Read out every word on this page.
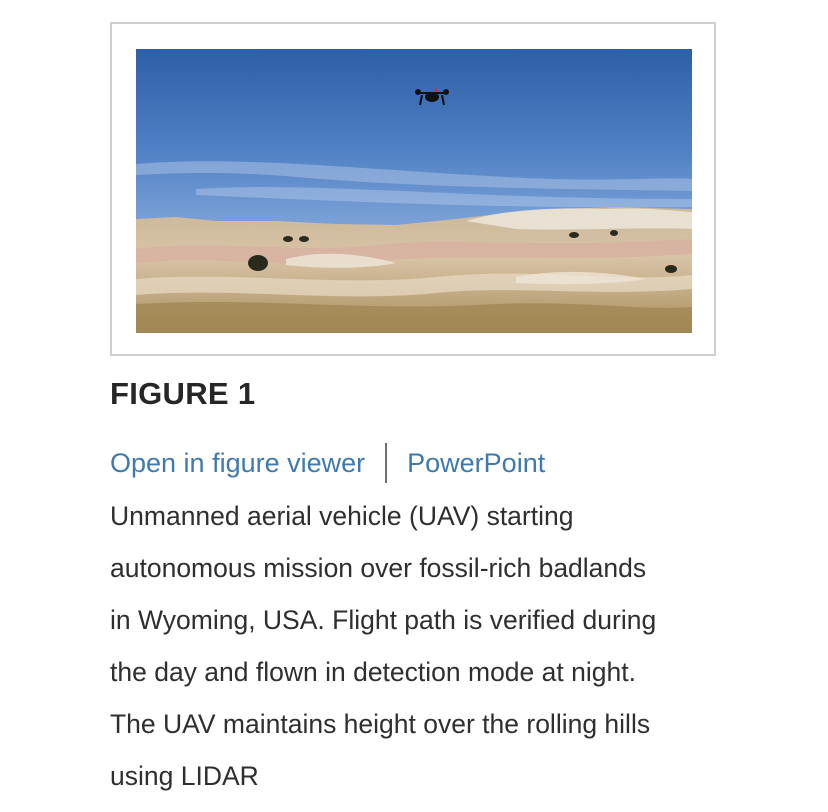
FIGURE 1
Open in figure viewer PowerPoint

Unmanned aerial vehicle (UAV) starting
autonomous mission over fossil-rich badlands
in Wyoming, USA. Flight path is verified during
the day and flown in detection mode at night.
The UAV maintains height over the rolling hills
using LIDAR
